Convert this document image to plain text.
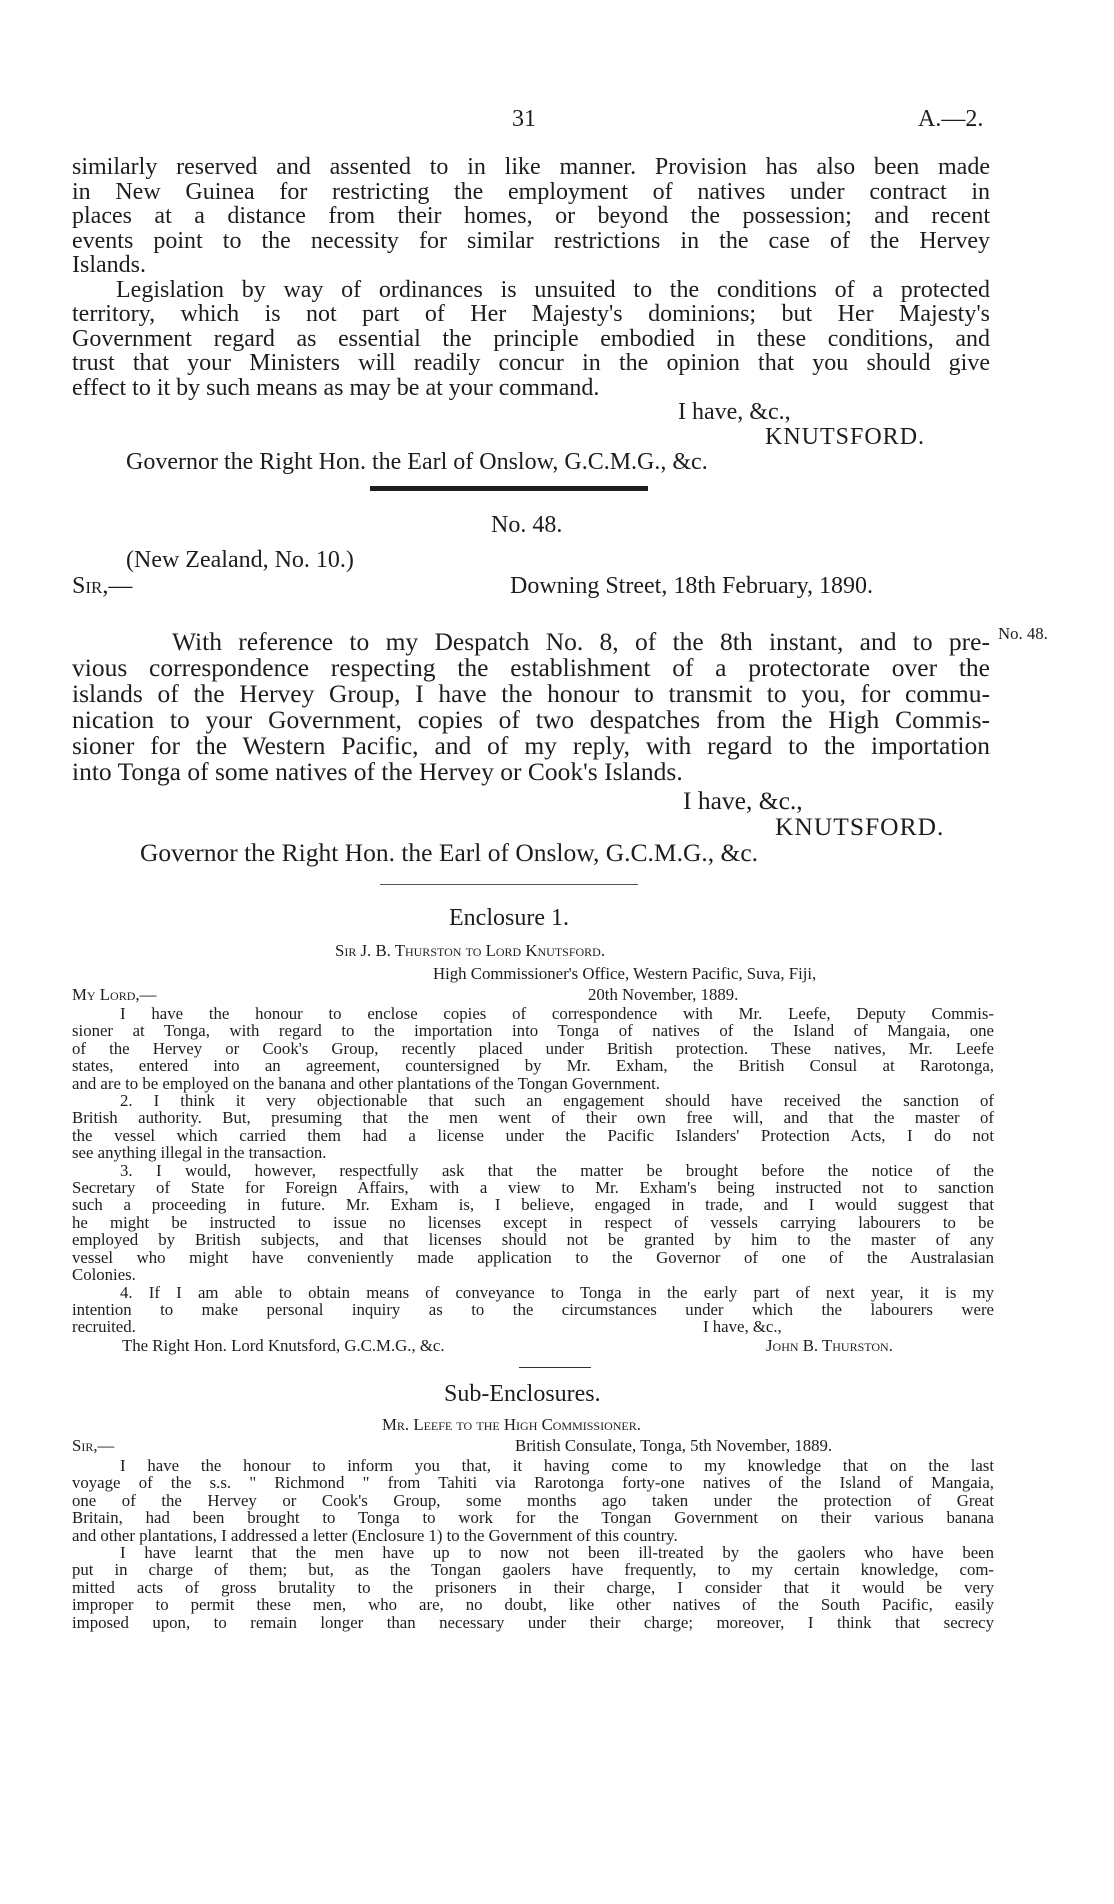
31	A.—2.
similarly reserved and assented to in like manner. Provision has also been made
in New Guinea for restricting the employment of natives under contract in
places at a distance from their homes, or beyond the possession; and recent
events point to the necessity for similar restrictions in the case of the Hervey
Islands.
Legislation by way of ordinances is unsuited to the conditions of a protected
territory, which is not part of Her Majesty's dominions; but Her Majesty's
Government regard as essential the principle embodied in these conditions, and
trust that your Ministers will readily concur in the opinion that you should give
effect to it by such means as may be at your command.
I have, &c.,
KNUTSFORD.
Governor the Right Hon. the Earl of Onslow, G.C.M.G., &c.
No. 48.
(New Zealand, No. 10.)
Sir,—	Downing Street, 18th February, 1890.
No. 48.
With reference to my Despatch No. 8, of the 8th instant, and to pre-
vious correspondence respecting the establishment of a protectorate over the
islands of the Hervey Group, I have the honour to transmit to you, for commu-
nication to your Government, copies of two despatches from the High Commis-
sioner for the Western Pacific, and of my reply, with regard to the importation
into Tonga of some natives of the Hervey or Cook's Islands.
I have, &c.,
KNUTSFORD.
Governor the Right Hon. the Earl of Onslow, G.C.M.G., &c.
Enclosure 1.
Sir J. B. Thurston to Lord Knutsford.
High Commissioner's Office, Western Pacific, Suva, Fiji,
My Lord,—	20th November, 1889.
I have the honour to enclose copies of correspondence with Mr. Leefe, Deputy Commis-
sioner at Tonga, with regard to the importation into Tonga of natives of the Island of Mangaia, one
of the Hervey or Cook's Group, recently placed under British protection. These natives, Mr. Leefe
states, entered into an agreement, countersigned by Mr. Exham, the British Consul at Rarotonga,
and are to be employed on the banana and other plantations of the Tongan Government.
2. I think it very objectionable that such an engagement should have received the sanction of
British authority. But, presuming that the men went of their own free will, and that the master of
the vessel which carried them had a license under the Pacific Islanders' Protection Acts, I do not
see anything illegal in the transaction.
3. I would, however, respectfully ask that the matter be brought before the notice of the
Secretary of State for Foreign Affairs, with a view to Mr. Exham's being instructed not to sanction
such a proceeding in future. Mr. Exham is, I believe, engaged in trade, and I would suggest that
he might be instructed to issue no licenses except in respect of vessels carrying labourers to be
employed by British subjects, and that licenses should not be granted by him to the master of any
vessel who might have conveniently made application to the Governor of one of the Australasian
Colonies.
4. If I am able to obtain means of conveyance to Tonga in the early part of next year, it is my
intention to make personal inquiry as to the circumstances under which the labourers were
recruited.	I have, &c.,
The Right Hon. Lord Knutsford, G.C.M.G., &c.	John B. Thurston.
Sub-Enclosures.
Mr. Leefe to the High Commissioner.
Sir,—	British Consulate, Tonga, 5th November, 1889.
I have the honour to inform you that, it having come to my knowledge that on the last
voyage of the s.s. " Richmond " from Tahiti via Rarotonga forty-one natives of the Island of Mangaia,
one of the Hervey or Cook's Group, some months ago taken under the protection of Great
Britain, had been brought to Tonga to work for the Tongan Government on their various banana
and other plantations, I addressed a letter (Enclosure 1) to the Government of this country.
I have learnt that the men have up to now not been ill-treated by the gaolers who have been
put in charge of them; but, as the Tongan gaolers have frequently, to my certain knowledge, com-
mitted acts of gross brutality to the prisoners in their charge, I consider that it would be very
improper to permit these men, who are, no doubt, like other natives of the South Pacific, easily
imposed upon, to remain longer than necessary under their charge; moreover, I think that secrecy
